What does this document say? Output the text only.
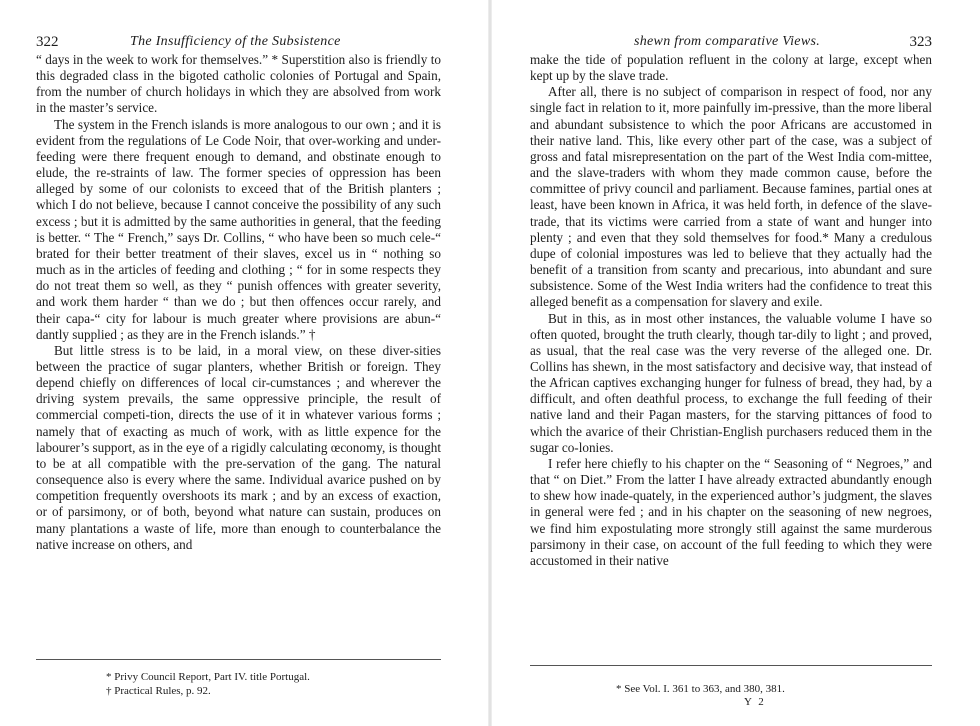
322	The Insufficiency of the Subsistence

“ days in the week to work for themselves.” * Superstition also is friendly to this degraded class in the bigoted catholic colonies of Portugal and Spain, from the number of church holidays in which they are absolved from work in the master’s service.

The system in the French islands is more analogous to our own ; and it is evident from the regulations of Le Code Noir, that over-working and under-feeding were there frequent enough to demand, and obstinate enough to elude, the re-straints of law. The former species of oppression has been alleged by some of our colonists to exceed that of the British planters ; which I do not believe, because I cannot conceive the possibility of any such excess ; but it is admitted by the same authorities in general, that the feeding is better. “ The “ French,” says Dr. Collins, “ who have been so much cele-“ brated for their better treatment of their slaves, excel us in “ nothing so much as in the articles of feeding and clothing ; “ for in some respects they do not treat them so well, as they “ punish offences with greater severity, and work them harder “ than we do ; but then offences occur rarely, and their capa-“ city for labour is much greater where provisions are abun-“ dantly supplied ; as they are in the French islands.” †

But little stress is to be laid, in a moral view, on these diver-sities between the practice of sugar planters, whether British or foreign. They depend chiefly on differences of local cir-cumstances ; and wherever the driving system prevails, the same oppressive principle, the result of commercial competi-tion, directs the use of it in whatever various forms ; namely that of exacting as much of work, with as little expence for the labourer’s support, as in the eye of a rigidly calculating œconomy, is thought to be at all compatible with the pre-servation of the gang. The natural consequence also is every where the same. Individual avarice pushed on by competition frequently overshoots its mark ; and by an excess of exaction, or of parsimony, or of both, beyond what nature can sustain, produces on many plantations a waste of life, more than enough to counterbalance the native increase on others, and

* Privy Council Report, Part IV. title Portugal.
† Practical Rules, p. 92.
shewn from comparative Views.	323

make the tide of population refluent in the colony at large, except when kept up by the slave trade.

After all, there is no subject of comparison in respect of food, nor any single fact in relation to it, more painfully im-pressive, than the more liberal and abundant subsistence to which the poor Africans are accustomed in their native land. This, like every other part of the case, was a subject of gross and fatal misrepresentation on the part of the West India com-mittee, and the slave-traders with whom they made common cause, before the committee of privy council and parliament. Because famines, partial ones at least, have been known in Africa, it was held forth, in defence of the slave-trade, that its victims were carried from a state of want and hunger into plenty ; and even that they sold themselves for food.* Many a credulous dupe of colonial impostures was led to believe that they actually had the benefit of a transition from scanty and precarious, into abundant and sure subsistence. Some of the West India writers had the confidence to treat this alleged benefit as a compensation for slavery and exile.

But in this, as in most other instances, the valuable volume I have so often quoted, brought the truth clearly, though tar-dily to light ; and proved, as usual, that the real case was the very reverse of the alleged one. Dr. Collins has shewn, in the most satisfactory and decisive way, that instead of the African captives exchanging hunger for fulness of bread, they had, by a difficult, and often deathful process, to exchange the full feeding of their native land and their Pagan masters, for the starving pittances of food to which the avarice of their Christian-English purchasers reduced them in the sugar co-lonies.

I refer here chiefly to his chapter on the “ Seasoning of “ Negroes,” and that “ on Diet.” From the latter I have already extracted abundantly enough to shew how inade-quately, in the experienced author’s judgment, the slaves in general were fed ; and in his chapter on the seasoning of new negroes, we find him expostulating more strongly still against the same murderous parsimony in their case, on account of the full feeding to which they were accustomed in their native

* See Vol. I. 361 to 363, and 380, 381.
Y 2
